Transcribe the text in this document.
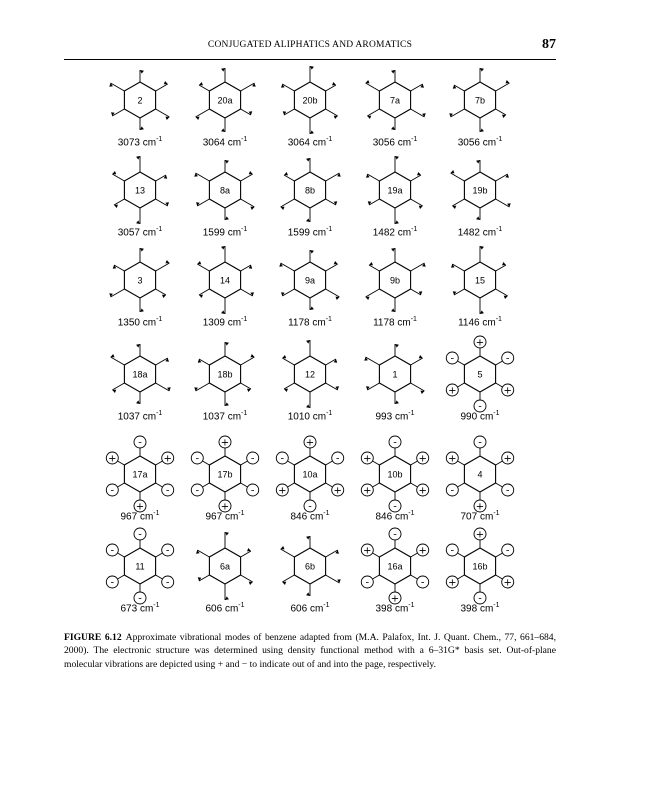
CONJUGATED ALIPHATICS AND AROMATICS	87
2
3073 $cm^{-1}$
20a
3064 $cm^{-1}$
20b
3064 $cm^{-1}$
7a
3056 $cm^{-1}$
7b
3056 $cm^{-1}$
13
3057 $cm^{-1}$
8a
1599 $cm^{-1}$
8b
1599 $cm^{-1}$
19a
1482 $cm^{-1}$
19b
1482 $cm^{-1}$
3
1350 $cm^{-1}$
14
1309 $cm^{-1}$
9a
1178 $cm^{-1}$
9b
1178 $cm^{-1}$
15
1146 $cm^{-1}$
18a
1037 $cm^{-1}$
18b
1037 $cm^{-1}$
12
1010 $cm^{-1}$
1
993 $cm^{-1}$
+
-
+
-
+
-
5
990 $cm^{-1}$
-
+
-
+
-
+
17a
967 $cm^{-1}$
+
-
-
+
-
-
17b
967 $cm^{-1}$
+
-
+
-
+
-
10a
846 $cm^{-1}$
-
+
+
-
+
+
10b
846 $cm^{-1}$
-
+
-
+
-
+
4
707 $cm^{-1}$
-
-
-
-
-
-
11
673 $cm^{-1}$
6a
606 $cm^{-1}$
6b
606 $cm^{-1}$
-
+
-
+
-
+
16a
398 $cm^{-1}$
+
-
+
-
+
-
16b
398 $cm^{-1}$
FIGURE 6.12 Approximate vibrational modes of benzene adapted from (M.A. Palafox, Int. J. Quant. Chem., 77, 661–684, 2000). The electronic structure was determined using density functional method with a 6–31G* basis set. Out-of-plane molecular vibrations are depicted using + and − to indicate out of and into the page, respectively.
